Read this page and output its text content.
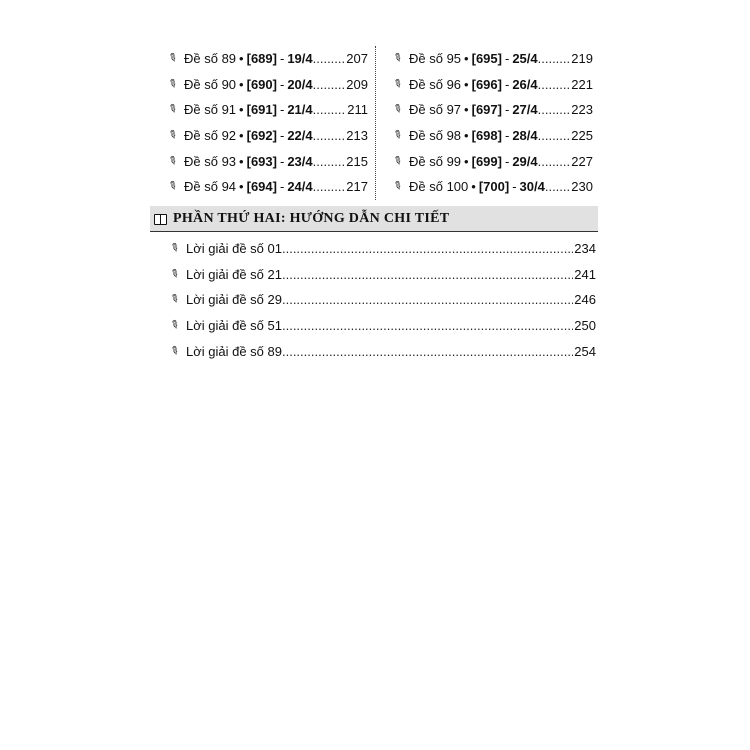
✎ Đề số 89 • [689] - 19/4 .....	207
✎ Đề số 90 • [690] - 20/4 .....	209
✎ Đề số 91 • [691] - 21/4 .....	211
✎ Đề số 92 • [692] - 22/4 .....	213
✎ Đề số 93 • [693] - 23/4 .....	215
✎ Đề số 94 • [694] - 24/4 .....	217
✎ Đề số 95 • [695] - 25/4 .....	219
✎ Đề số 96 • [696] - 26/4 .....	221
✎ Đề số 97 • [697] - 27/4 .....	223
✎ Đề số 98 • [698] - 28/4 .....	225
✎ Đề số 99 • [699] - 29/4 .....	227
✎ Đề số 100 • [700] - 30/4 ..... 230
PHẦN THỨ HAI: HƯỚNG DẪN CHI TIẾT
✎ Lời giải đề số 01 .....	234
✎ Lời giải đề số 21 .....	241
✎ Lời giải đề số 29 .....	246
✎ Lời giải đề số 51 .....	250
✎ Lời giải đề số 89 .....	254
